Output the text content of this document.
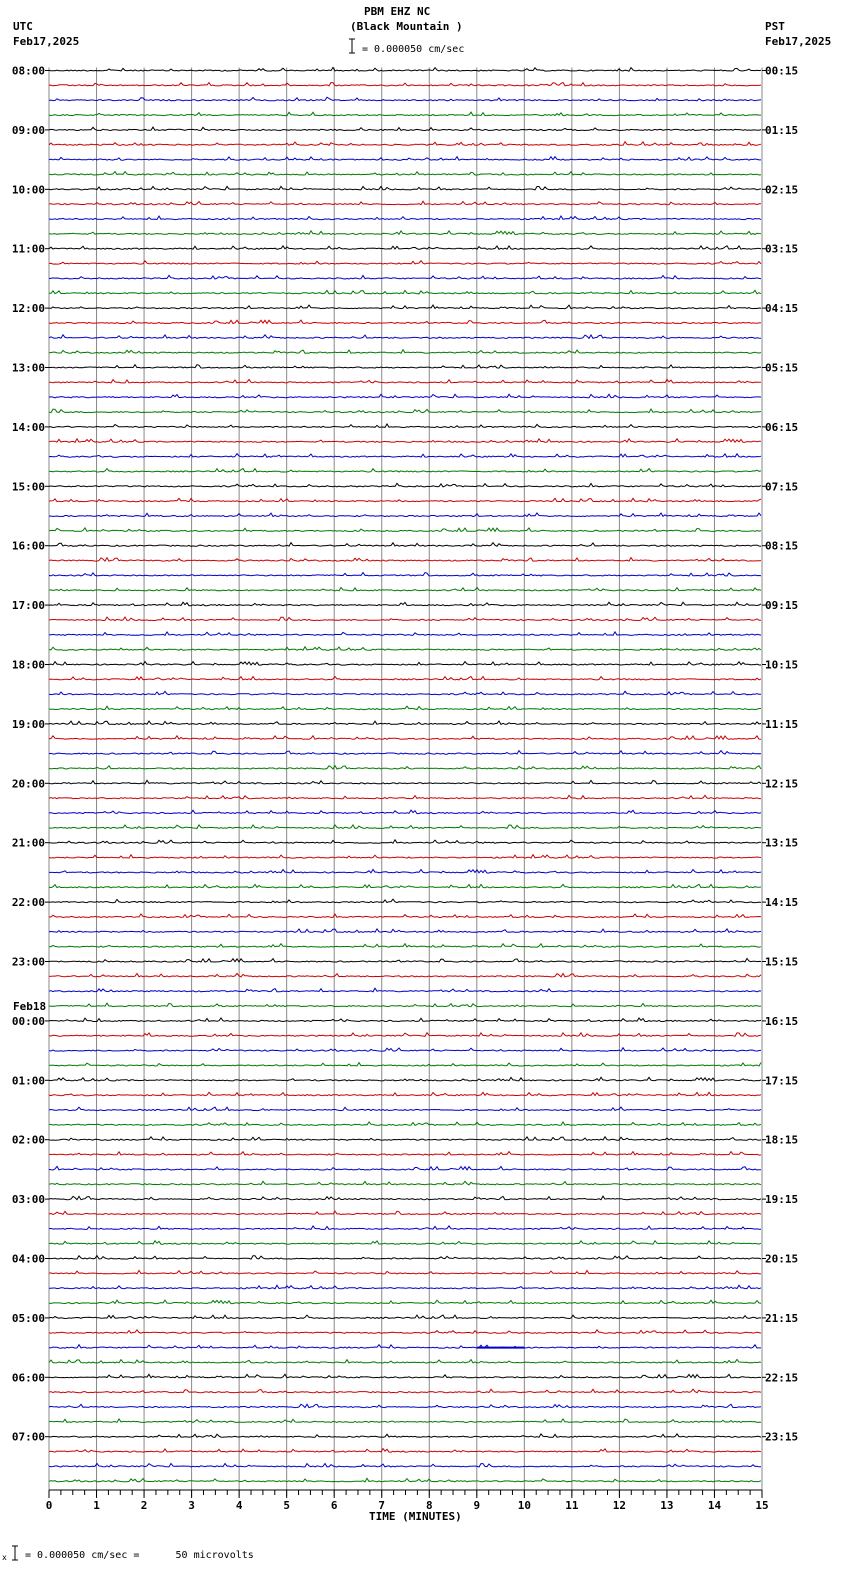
PBM EHZ NC
(Black Mountain )
UTC
Feb17,2025
PST
Feb17,2025
= 0.000050 cm/sec
= 0.000050 cm/sec =      50 microvolts
TIME (MINUTES)
08:00
09:00
10:00
11:00
12:00
13:00
14:00
15:00
16:00
17:00
18:00
19:00
20:00
21:00
22:00
23:00
00:00
01:00
02:00
03:00
04:00
05:00
06:00
07:00
00:15
01:15
02:15
03:15
04:15
05:15
06:15
07:15
08:15
09:15
10:15
11:15
12:15
13:15
14:15
15:15
16:15
17:15
18:15
19:15
20:15
21:15
22:15
23:15
Feb18
0	1	2	3	4	5	6	7	8	9	10	11	12	13	14	15
x
